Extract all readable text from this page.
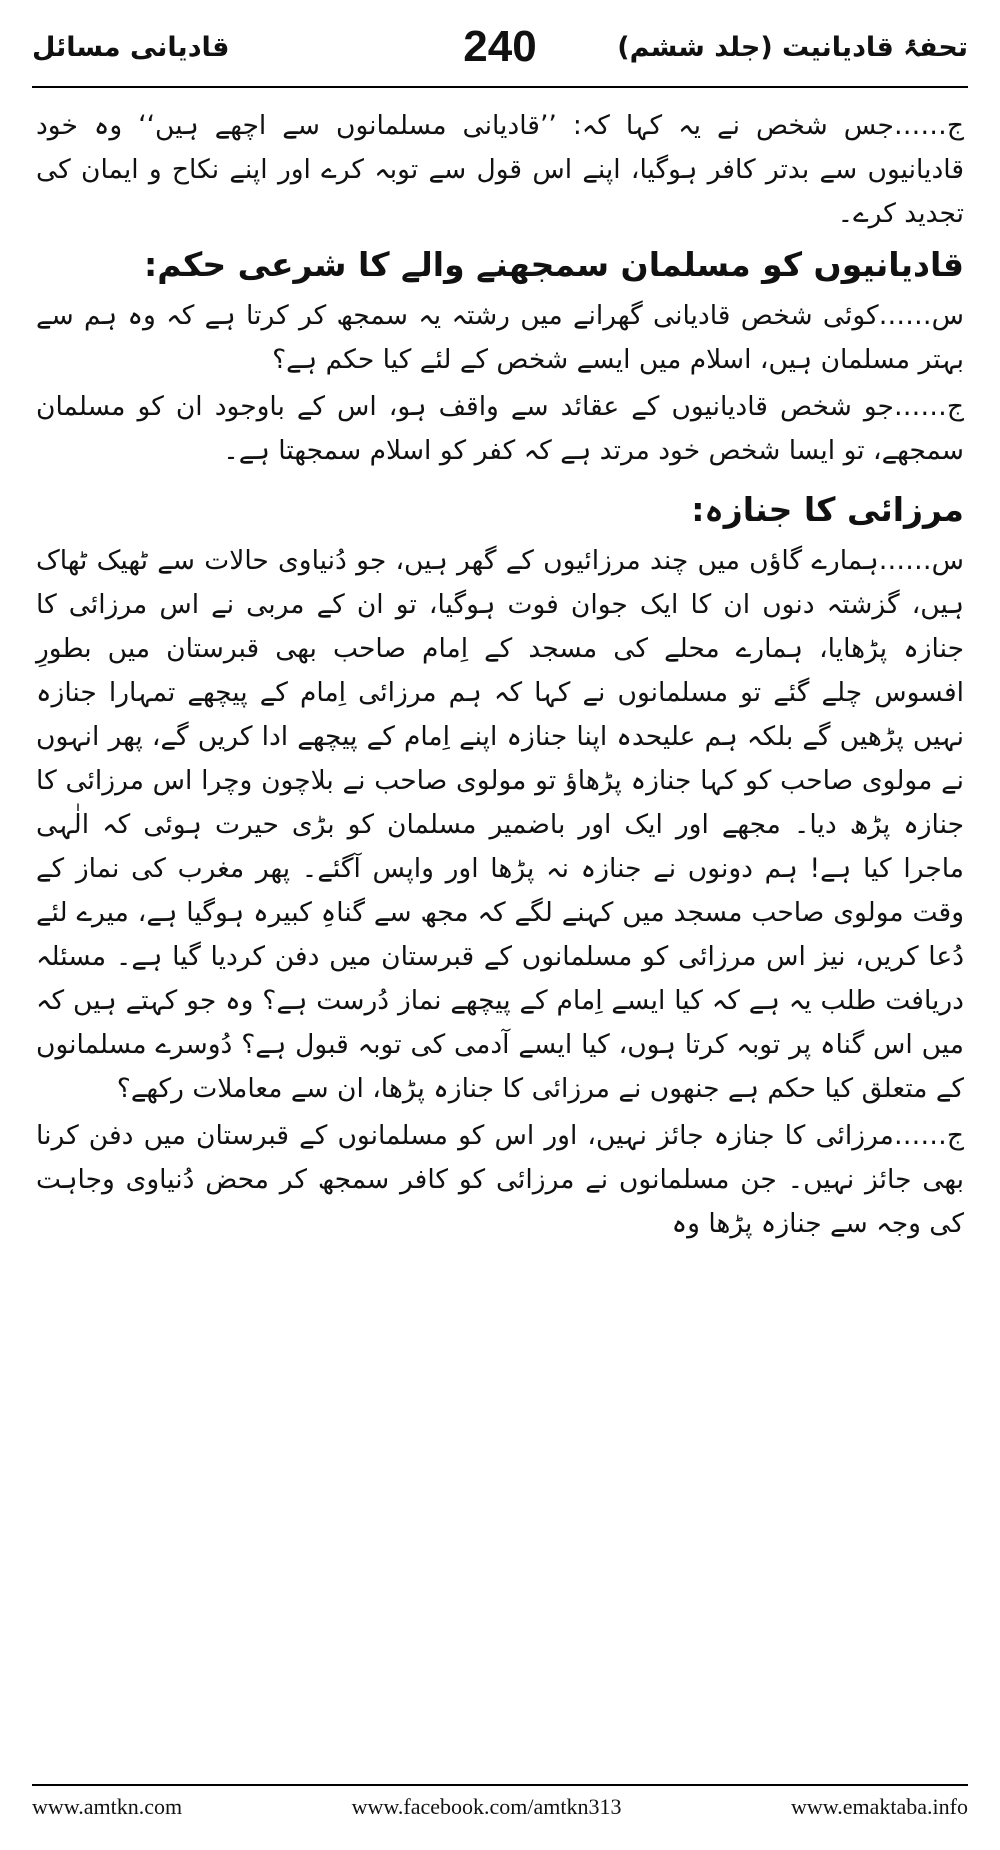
تحفۂ قادیانیت (جلد ششم)
240
قادیانی مسائل

ج……جس شخص نے یہ کہا کہ: ’’قادیانی مسلمانوں سے اچھے ہیں‘‘ وہ خود قادیانیوں سے بدتر کافر ہوگیا، اپنے اس قول سے توبہ کرے اور اپنے نکاح و ایمان کی تجدید کرے۔

قادیانیوں کو مسلمان سمجھنے والے کا شرعی حکم:

س……کوئی شخص قادیانی گھرانے میں رشتہ یہ سمجھ کر کرتا ہے کہ وہ ہم سے بہتر مسلمان ہیں، اسلام میں ایسے شخص کے لئے کیا حکم ہے؟

ج……جو شخص قادیانیوں کے عقائد سے واقف ہو، اس کے باوجود ان کو مسلمان سمجھے، تو ایسا شخص خود مرتد ہے کہ کفر کو اسلام سمجھتا ہے۔

مرزائی کا جنازہ:

س……ہمارے گاؤں میں چند مرزائیوں کے گھر ہیں، جو دُنیاوی حالات سے ٹھیک ٹھاک ہیں، گزشتہ دنوں ان کا ایک جوان فوت ہوگیا، تو ان کے مربی نے اس مرزائی کا جنازہ پڑھایا، ہمارے محلے کی مسجد کے اِمام صاحب بھی قبرستان میں بطورِ افسوس چلے گئے تو مسلمانوں نے کہا کہ ہم مرزائی اِمام کے پیچھے تمہارا جنازہ نہیں پڑھیں گے بلکہ ہم علیحدہ اپنا جنازہ اپنے اِمام کے پیچھے ادا کریں گے، پھر انہوں نے مولوی صاحب کو کہا جنازہ پڑھاؤ تو مولوی صاحب نے بلاچون وچرا اس مرزائی کا جنازہ پڑھ دیا۔ مجھے اور ایک اور باضمیر مسلمان کو بڑی حیرت ہوئی کہ الٰہی ماجرا کیا ہے! ہم دونوں نے جنازہ نہ پڑھا اور واپس آگئے۔ پھر مغرب کی نماز کے وقت مولوی صاحب مسجد میں کہنے لگے کہ مجھ سے گناہِ کبیرہ ہوگیا ہے، میرے لئے دُعا کریں، نیز اس مرزائی کو مسلمانوں کے قبرستان میں دفن کردیا گیا ہے۔ مسئلہ دریافت طلب یہ ہے کہ کیا ایسے اِمام کے پیچھے نماز دُرست ہے؟ وہ جو کہتے ہیں کہ میں اس گناہ پر توبہ کرتا ہوں، کیا ایسے آدمی کی توبہ قبول ہے؟ دُوسرے مسلمانوں کے متعلق کیا حکم ہے جنھوں نے مرزائی کا جنازہ پڑھا، ان سے معاملات رکھے؟

ج……مرزائی کا جنازہ جائز نہیں، اور اس کو مسلمانوں کے قبرستان میں دفن کرنا بھی جائز نہیں۔ جن مسلمانوں نے مرزائی کو کافر سمجھ کر محض دُنیاوی وجاہت کی وجہ سے جنازہ پڑھا وہ

www.amtkn.com	www.facebook.com/amtkn313	www.emaktaba.info
